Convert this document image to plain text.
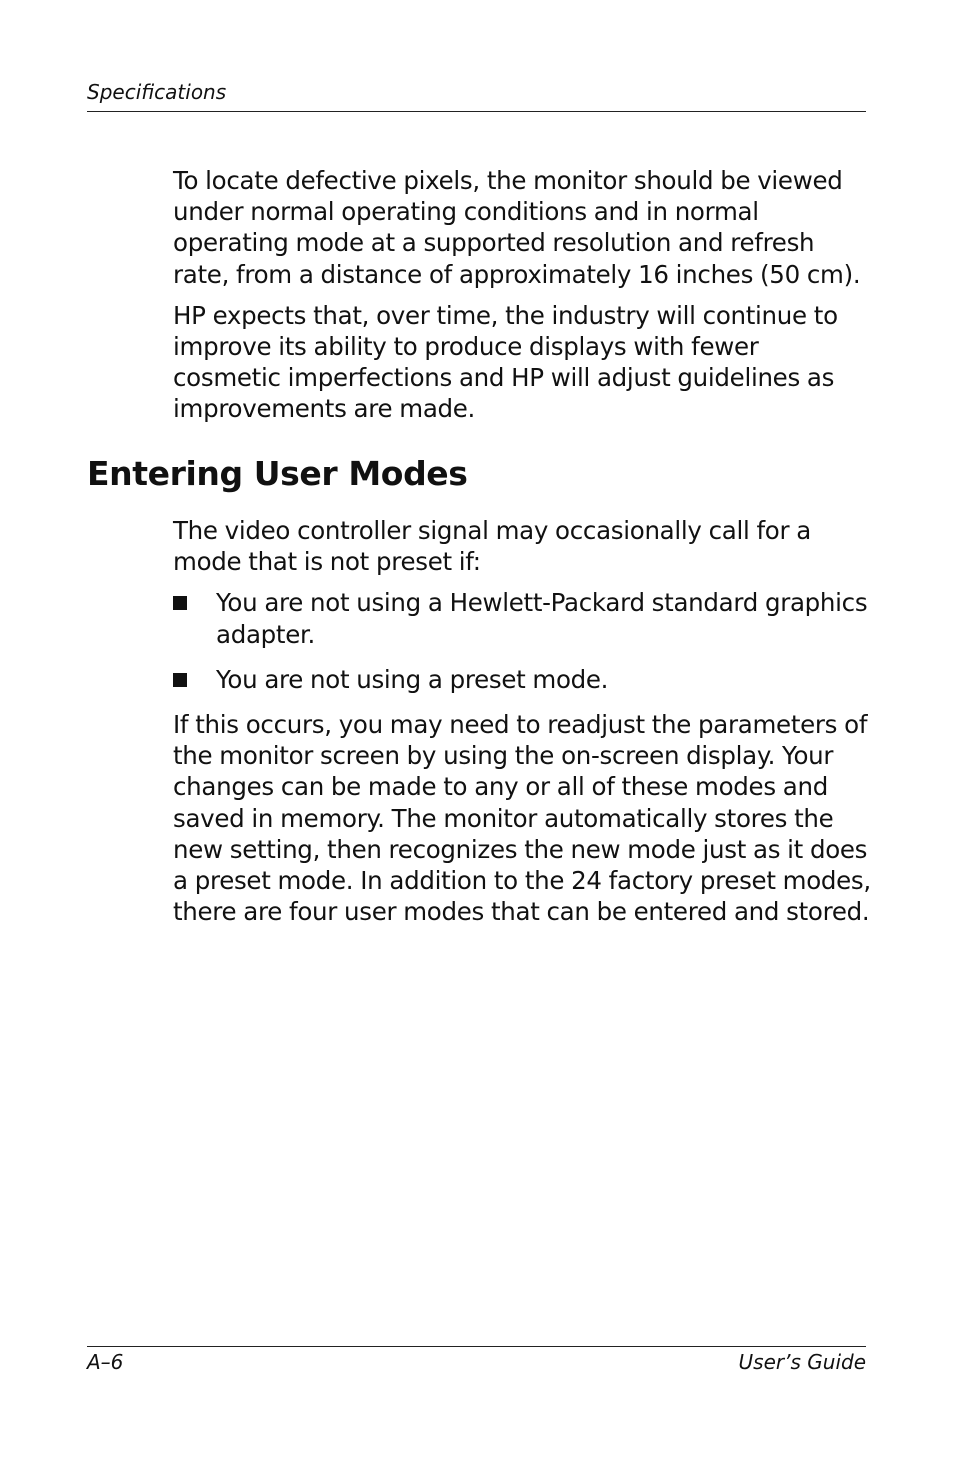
Specifications

To locate defective pixels, the monitor should be viewed under normal operating conditions and in normal operating mode at a supported resolution and refresh rate, from a distance of approximately 16 inches (50 cm).

HP expects that, over time, the industry will continue to improve its ability to produce displays with fewer cosmetic imperfections and HP will adjust guidelines as improvements are made.

Entering User Modes

The video controller signal may occasionally call for a mode that is not preset if:

You are not using a Hewlett-Packard standard graphics adapter.
You are not using a preset mode.

If this occurs, you may need to readjust the parameters of the monitor screen by using the on-screen display. Your changes can be made to any or all of these modes and saved in memory. The monitor automatically stores the new setting, then recognizes the new mode just as it does a preset mode. In addition to the 24 factory preset modes, there are four user modes that can be entered and stored.

A–6	User’s Guide
